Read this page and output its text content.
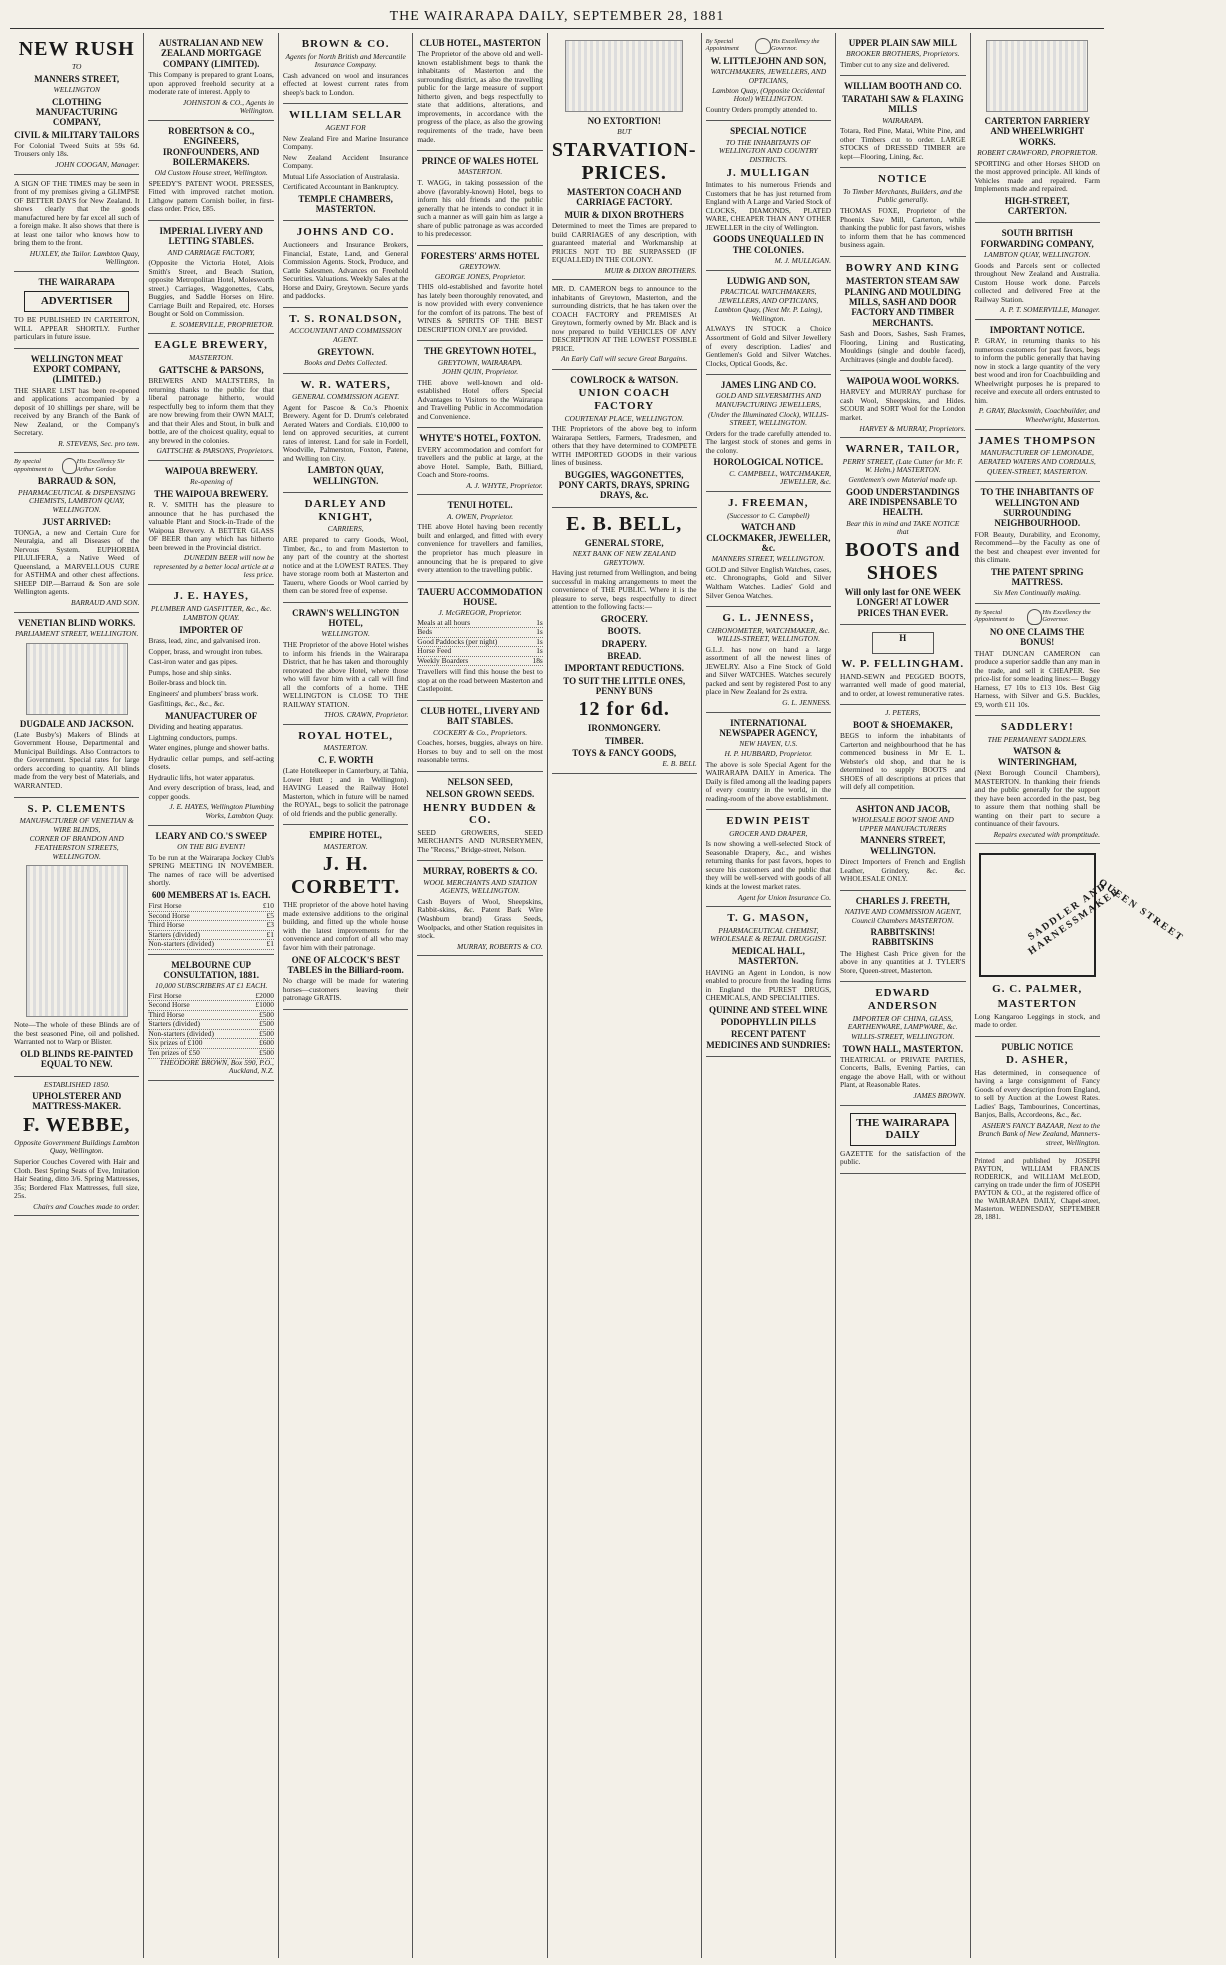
THE WAIRARAPA DAILY, SEPTEMBER 28, 1881
NEW RUSH
TO
MANNERS STREET,
WELLINGTON
CLOTHING MANUFACTURING COMPANY,
CIVIL & MILITARY TAILORS

For Colonial Tweed Suits at 59s 6d. Trousers only 18s.

JOHN COOGAN, Manager.

A SIGN OF THE TIMES may be seen in front of my premises giving a GLIMPSE OF BETTER DAYS for New Zealand. It shows clearly that the goods manufactured here by far excel all such of a foreign make. It also shows that there is at least one tailor who knows how to bring them to the front.

HUXLEY, the Tailor. Lambton Quay, Wellington.
THE WAIRARAPA
ADVERTISER

TO BE PUBLISHED IN CARTERTON, WILL APPEAR SHORTLY. Further particulars in future issue.

WELLINGTON MEAT EXPORT COMPANY, (LIMITED.)

THE SHARE LIST has been re-opened and applications accompanied by a deposit of 10 shillings per share, will be received by any Branch of the Bank of New Zealand, or the Company's Secretary.

R. STEVENS, Sec. pro tem.
By special appointment to
His Excellency Sir Arthur Gordon
BARRAUD & SON,
PHARMACEUTICAL & DISPENSING CHEMISTS, LAMBTON QUAY, WELLINGTON.
JUST ARRIVED:

TONGA, a new and Certain Cure for Neuralgia, and all Diseases of the Nervous System. EUPHORBIA PILULIFERA, a Native Weed of Queensland, a MARVELLOUS CURE for ASTHMA and other chest affections. SHEEP DIP.—Barraud & Son are sole Wellington agents.

BARRAUD AND SON.
VENETIAN BLIND WORKS.
PARLIAMENT STREET, WELLINGTON.
DUGDALE AND JACKSON.

(Late Busby's) Makers of Blinds at Government House, Departmental and Municipal Buildings. Also Contractors to the Government. Special rates for large orders according to quantity. All blinds made from the very best of Materials, and WARRANTED.

S. P. CLEMENTS
MANUFACTURER OF VENETIAN & WIRE BLINDS,
CORNER OF BRANDON AND FEATHERSTON STREETS, WELLINGTON.

Note—The whole of these Blinds are of the best seasoned Pine, oil and polished. Warranted not to Warp or Blister.

OLD BLINDS RE-PAINTED EQUAL TO NEW.
ESTABLISHED 1850.
UPHOLSTERER AND MATTRESS-MAKER.
F. WEBBE,
Opposite Government Buildings Lambton Quay, Wellington.

Superior Couches Covered with Hair and Cloth. Best Spring Seats of Eve, Imitation Hair Seating, ditto 3/6. Spring Mattresses, 35s; Bordered Flax Mattresses, full size, 25s.

Chairs and Couches made to order.
AUSTRALIAN AND NEW ZEALAND MORTGAGE COMPANY (LIMITED).

This Company is prepared to grant Loans, upon approved freehold security at a moderate rate of interest. Apply to

JOHNSTON & CO., Agents in Wellington.
ROBERTSON & CO., ENGINEERS, IRONFOUNDERS, AND BOILERMAKERS.
Old Custom House street, Wellington.

SPEEDY'S PATENT WOOL PRESSES, Fitted with improved ratchet motion. Lithgow pattern Cornish boiler, in first-class order. Price, £85.

IMPERIAL LIVERY AND LETTING STABLES.
AND CARRIAGE FACTORY,

(Opposite the Victoria Hotel, Alois Smith's Street, and Beach Station, opposite Metropolitan Hotel, Molesworth street.) Carriages, Waggonettes, Cabs, Buggies, and Saddle Horses on Hire. Carriage Built and Repaired, etc. Horses Bought or Sold on Commission.

E. SOMERVILLE, PROPRIETOR.
EAGLE BREWERY,
MASTERTON.
GATTSCHE & PARSONS,

BREWERS AND MALTSTERS, In returning thanks to the public for that liberal patronage hitherto, would respectfully beg to inform them that they are now brewing from their OWN MALT, and that their Ales and Stout, in bulk and bottle, are of the choicest quality, equal to any brewed in the colonies.

GATTSCHE & PARSONS, Proprietors.
WAIPOUA BREWERY.
Re-opening of
THE WAIPOUA BREWERY.

R. V. SMITH has the pleasure to announce that he has purchased the valuable Plant and Stock-in-Trade of the Waipoua Brewery. A BETTER GLASS OF BEER than any which has hitherto been brewed in the Provincial district.

DUNEDIN BEER will now be represented by a better local article at a less price.
J. E. HAYES,
PLUMBER AND GASFITTER, &c., &c.
LAMBTON QUAY.
IMPORTER OF

Brass, lead, zinc, and galvanised iron.

Copper, brass, and wrought iron tubes.

Cast-iron water and gas pipes.

Pumps, hose and ship sinks.

Boiler-brass and block tin.

Engineers' and plumbers' brass work.

Gasfittings, &c., &c., &c.

MANUFACTURER OF

Dividing and heating apparatus.

Lightning conductors, pumps.

Water engines, plunge and shower baths.

Hydraulic cellar pumps, and self-acting closets.

Hydraulic lifts, hot water apparatus.

And every description of brass, lead, and copper goods.

J. E. HAYES, Wellington Plumbing Works, Lambton Quay.
LEARY AND CO.'S SWEEP
ON THE BIG EVENT!

To be run at the Wairarapa Jockey Club's SPRING MEETING IN NOVEMBER. The names of race will be advertised shortly.

600 MEMBERS AT 1s. EACH.
First Horse	£10
Second Horse	£5
Third Horse	£3
Starters (divided)	£1
Non-starters (divided)	£1
MELBOURNE CUP CONSULTATION, 1881.
10,000 SUBSCRIBERS AT £1 EACH.
First Horse	£2000
Second Horse	£1000
Third Horse	£500
Starters (divided)	£500
Non-starters (divided)	£500
Six prizes of £100	£600
Ten prizes of £50	£500
THEODORE BROWN, Box 590, P.O., Auckland, N.Z.
BROWN & CO.
Agents for North British and Mercantile Insurance Company.

Cash advanced on wool and insurances effected at lowest current rates from sheep's back to London.

WILLIAM SELLAR
AGENT FOR

New Zealand Fire and Marine Insurance Company.

New Zealand Accident Insurance Company.

Mutual Life Association of Australasia.

Certificated Accountant in Bankruptcy.

TEMPLE CHAMBERS, MASTERTON.
JOHNS AND CO.

Auctioneers and Insurance Brokers, Financial, Estate, Land, and General Commission Agents. Stock, Produce, and Cattle Salesmen. Advances on Freehold Securities. Valuations. Weekly Sales at the Horse and Dairy, Greytown. Secure yards and paddocks.

T. S. RONALDSON,
ACCOUNTANT AND COMMISSION AGENT.
GREYTOWN.
Books and Debts Collected.
W. R. WATERS,
GENERAL COMMISSION AGENT.

Agent for Pascoe & Co.'s Phoenix Brewery. Agent for D. Drum's celebrated Aerated Waters and Cordials. £10,000 to lend on approved securities, at current rates of interest. Land for sale in Fordell, Woodville, Palmerston, Foxton, Patene, and Welling ton City.

LAMBTON QUAY, WELLINGTON.
DARLEY AND KNIGHT,
CARRIERS,

ARE prepared to carry Goods, Wool, Timber, &c., to and from Masterton to any part of the country at the shortest notice and at the LOWEST RATES. They have storage room both at Masterton and Taueru, where Goods or Wool carried by them can be stored free of expense.

CRAWN'S WELLINGTON HOTEL,
WELLINGTON.

THE Proprietor of the above Hotel wishes to inform his friends in the Wairarapa District, that he has taken and thoroughly renovated the above Hotel, where those who will favor him with a call will find all the comforts of a home. THE WELLINGTON is CLOSE TO THE RAILWAY STATION.

THOS. CRAWN, Proprietor.
ROYAL HOTEL,
MASTERTON.
C. F. WORTH

(Late Hotelkeeper in Canterbury, at Tahia, Lower Hutt ; and in Wellington). HAVING Leased the Railway Hotel Masterton, which in future will be named the ROYAL, begs to solicit the patronage of old friends and the public generally.

EMPIRE HOTEL,
MASTERTON.
J. H. CORBETT.

THE proprietor of the above hotel having made extensive additions to the original building, and fitted up the whole house with the latest improvements for the convenience and comfort of all who may favor him with their patronage.

ONE OF ALCOCK'S BEST TABLES in the Billiard-room.

No charge will be made for watering horses—customers leaving their patronage GRATIS.

CLUB HOTEL, MASTERTON

The Proprietor of the above old and well-known establishment begs to thank the inhabitants of Masterton and the surrounding district, as also the travelling public for the large measure of support hitherto given, and begs respectfully to state that additions, alterations, and improvements, in accordance with the progress of the place, as also the growing requirements of the trade, have been made.

PRINCE OF WALES HOTEL
MASTERTON.

T. WAGG, in taking possession of the above (favorably-known) Hotel, begs to inform his old friends and the public generally that he intends to conduct it in such a manner as will gain him as large a share of public patronage as was accorded to his predecessor.

FORESTERS' ARMS HOTEL
GREYTOWN.
GEORGE JONES, Proprietor.

THIS old-established and favorite hotel has lately been thoroughly renovated, and is now provided with every convenience for the comfort of its patrons. The best of WINES & SPIRITS OF THE BEST DESCRIPTION ONLY are provided.

THE GREYTOWN HOTEL,
GREYTOWN, WAIRARAPA.
JOHN QUIN, Proprietor.

THE above well-known and old-established Hotel offers Special Advantages to Visitors to the Wairarapa and Travelling Public in Accommodation and Convenience.

WHYTE'S HOTEL, FOXTON.

EVERY accommodation and comfort for travellers and the public at large, at the above Hotel. Sample, Bath, Billiard, Coach and Store-rooms.

A. J. WHYTE, Proprietor.
TENUI HOTEL.
A. OWEN, Proprietor.

THE above Hotel having been recently built and enlarged, and fitted with every convenience for travellers and families, the proprietor has much pleasure in announcing that he is prepared to give every attention to the travelling public.

TAUERU ACCOMMODATION HOUSE.
J. McGREGOR, Proprietor.
Meals at all hours	1s
Beds	1s
Good Paddocks (per night)	1s
Horse Feed	1s
Weekly Boarders	18s

Travellers will find this house the best to stop at on the road between Masterton and Castlepoint.

CLUB HOTEL, LIVERY AND BAIT STABLES.
COCKERY & Co., Proprietors.

Coaches, horses, buggies, always on hire. Horses to buy and to sell on the most reasonable terms.

NELSON SEED,
NELSON GROWN SEEDS.
HENRY BUDDEN & CO.

SEED GROWERS, SEED MERCHANTS AND NURSERYMEN, The "Recess," Bridge-street, Nelson.

MURRAY, ROBERTS & CO.
WOOL MERCHANTS AND STATION AGENTS, WELLINGTON.

Cash Buyers of Wool, Sheepskins, Rabbit-skins, &c. Patent Bark Wire (Washburn brand) Grass Seeds, Woolpacks, and other Station requisites in stock.

MURRAY, ROBERTS & CO.
NO EXTORTION!
BUT
STARVATION-PRICES.
MASTERTON COACH AND CARRIAGE FACTORY.
MUIR & DIXON BROTHERS

Determined to meet the Times are prepared to build CARRIAGES of any description, with guaranteed material and Workmanship at PRICES NOT TO BE SURPASSED (IF EQUALLED) IN THE COLONY.

MUIR & DIXON BROTHERS.

MR. D. CAMERON begs to announce to the inhabitants of Greytown, Masterton, and the surrounding districts, that he has taken over the COACH FACTORY and PREMISES At Greytown, formerly owned by Mr. Black and is now prepared to build VEHICLES OF ANY DESCRIPTION AT THE LOWEST POSSIBLE PRICE.

An Early Call will secure Great Bargains.
COWLROCK & WATSON.
UNION COACH FACTORY
COURTENAY PLACE, WELLINGTON.

THE Proprietors of the above beg to inform Wairarapa Settlers, Farmers, Tradesmen, and others that they have determined to COMPETE WITH IMPORTED GOODS in their various lines of business.

BUGGIES, WAGGONETTES, PONY CARTS, DRAYS, SPRING DRAYS, &c.
E. B. BELL,
GENERAL STORE,
NEXT BANK OF NEW ZEALAND GREYTOWN.

Having just returned from Wellington, and being successful in making arrangements to meet the convenience of THE PUBLIC. Where it is the pleasure to serve, begs respectfully to direct attention to the following facts:—

GROCERY.
BOOTS.
DRAPERY.
BREAD.
IMPORTANT REDUCTIONS.
TO SUIT THE LITTLE ONES, PENNY BUNS
12 for 6d.
IRONMONGERY.
TIMBER.
TOYS & FANCY GOODS,
E. B. BELL
By Special Appointment
His Excellency the Governor.
W. LITTLEJOHN AND SON,
WATCHMAKERS, JEWELLERS, AND OPTICIANS,
Lambton Quay, (Opposite Occidental Hotel) WELLINGTON.

Country Orders promptly attended to.

SPECIAL NOTICE
TO THE INHABITANTS OF WELLINGTON AND COUNTRY DISTRICTS.
J. MULLIGAN

Intimates to his numerous Friends and Customers that he has just returned from England with A Large and Varied Stock of CLOCKS, DIAMONDS, PLATED WARE, CHEAPER THAN ANY OTHER JEWELLER in the city of Wellington.

GOODS UNEQUALLED IN THE COLONIES.
M. J. MULLIGAN.
LUDWIG AND SON,
PRACTICAL WATCHMAKERS, JEWELLERS, AND OPTICIANS,
Lambton Quay, (Next Mr. P. Laing), Wellington.

ALWAYS IN STOCK a Choice Assortment of Gold and Silver Jewellery of every description. Ladies' and Gentlemen's Gold and Silver Watches. Clocks, Optical Goods, &c.

JAMES LING AND CO.
GOLD AND SILVERSMITHS AND MANUFACTURING JEWELLERS,
(Under the Illuminated Clock), WILLIS-STREET, WELLINGTON.

Orders for the trade carefully attended to. The largest stock of stones and gems in the colony.

HOROLOGICAL NOTICE.
C. CAMPBELL, WATCHMAKER, JEWELLER, &c.
J. FREEMAN,
(Successor to C. Campbell)
WATCH AND CLOCKMAKER, JEWELLER, &c.
MANNERS STREET, WELLINGTON.

GOLD and Silver English Watches, cases, etc. Chronographs, Gold and Silver Waltham Watches. Ladies' Gold and Silver Genoa Watches.

G. L. JENNESS,
CHRONOMETER, WATCHMAKER, &c. WILLIS-STREET, WELLINGTON.

G.L.J. has now on hand a large assortment of all the newest lines of JEWELRY. Also a Fine Stock of Gold and Silver WATCHES. Watches securely packed and sent by registered Post to any place in New Zealand for 2s extra.

G. L. JENNESS.
INTERNATIONAL NEWSPAPER AGENCY,
NEW HAVEN, U.S.
H. P. HUBBARD, Proprietor.

The above is sole Special Agent for the WAIRARAPA DAILY in America. The Daily is filed among all the leading papers of every country in the world, in the reading-room of the above establishment.

EDWIN PEIST
GROCER AND DRAPER,

Is now showing a well-selected Stock of Seasonable Drapery, &c., and wishes returning thanks for past favors, hopes to secure his customers and the public that they will be well-served with goods of all kinds at the lowest market rates.

Agent for Union Insurance Co.
T. G. MASON,
PHARMACEUTICAL CHEMIST, WHOLESALE & RETAIL DRUGGIST.
MEDICAL HALL, MASTERTON.

HAVING an Agent in London, is now enabled to procure from the leading firms in England the PUREST DRUGS, CHEMICALS, AND SPECIALITIES.

QUININE AND STEEL WINE
PODOPHYLLIN PILLS
RECENT PATENT MEDICINES AND SUNDRIES:
UPPER PLAIN SAW MILL
BROOKER BROTHERS, Proprietors.

Timber cut to any size and delivered.

WILLIAM BOOTH AND CO.
TARATAHI SAW & FLAXING MILLS
WAIRARAPA.

Totara, Red Pine, Matai, White Pine, and other Timbers cut to order. LARGE STOCKS of DRESSED TIMBER are kept—Flooring, Lining, &c.

NOTICE
To Timber Merchants, Builders, and the Public generally.

THOMAS FOXE, Proprietor of the Phoenix Saw Mill, Carterton, while thanking the public for past favors, wishes to inform them that he has commenced business again.

BOWRY AND KING
MASTERTON STEAM SAW PLANING AND MOULDING MILLS, SASH AND DOOR FACTORY AND TIMBER MERCHANTS.

Sash and Doors, Sashes, Sash Frames, Flooring, Lining and Rusticating, Mouldings (single and double faced), Architraves (single and double faced).

WAIPOUA WOOL WORKS.

HARVEY and MURRAY purchase for cash Wool, Sheepskins, and Hides. SCOUR and SORT Wool for the London market.

HARVEY & MURRAY, Proprietors.
WARNER, TAILOR,
PERRY STREET, (Late Cutter for Mr. F. W. Helm.) MASTERTON.
Gentlemen's own Material made up.
GOOD UNDERSTANDINGS ARE INDISPENSABLE TO HEALTH.
Bear this in mind and TAKE NOTICE that
BOOTS and SHOES
Will only last for ONE WEEK LONGER! AT LOWER PRICES THAN EVER.
H
W. P. FELLINGHAM.

HAND-SEWN and PEGGED BOOTS, warranted well made of good material, and to order, at lowest remunerative rates.

J. PETERS,
BOOT & SHOEMAKER,

BEGS to inform the inhabitants of Carterton and neighbourhood that he has commenced business in Mr E. L. Webster's old shop, and that he is determined to supply BOOTS and SHOES of all descriptions at prices that will defy all competition.

ASHTON AND JACOB,
WHOLESALE BOOT SHOE AND UPPER MANUFACTURERS
MANNERS STREET, WELLINGTON.

Direct Importers of French and English Leather, Grindery, &c. &c. WHOLESALE ONLY.

CHARLES J. FREETH,
NATIVE AND COMMISSION AGENT, Council Chambers MASTERTON.
RABBITSKINS! RABBITSKINS

The Highest Cash Price given for the above in any quantities at J. TYLER'S Store, Queen-street, Masterton.

EDWARD ANDERSON
IMPORTER OF CHINA, GLASS, EARTHENWARE, LAMPWARE, &c.
WILLIS-STREET, WELLINGTON.
TOWN HALL, MASTERTON.

THEATRICAL or PRIVATE PARTIES, Concerts, Balls, Evening Parties, can engage the above Hall, with or without Plant, at Reasonable Rates.

JAMES BROWN.
THE WAIRARAPA DAILY

GAZETTE for the satisfaction of the public.

CARTERTON FARRIERY AND WHEELWRIGHT WORKS.
ROBERT CRAWFORD, PROPRIETOR.

SPORTING and other Horses SHOD on the most approved principle. All kinds of Vehicles made and repaired. Farm Implements made and repaired.

HIGH-STREET, CARTERTON.
SOUTH BRITISH FORWARDING COMPANY,
LAMBTON QUAY, WELLINGTON.

Goods and Parcels sent or collected throughout New Zealand and Australia. Custom House work done. Parcels collected and delivered Free at the Railway Station.

A. P. T. SOMERVILLE, Manager.
IMPORTANT NOTICE.

P. GRAY, in returning thanks to his numerous customers for past favors, begs to inform the public generally that having now in stock a large quantity of the very best wood and iron for Coachbuilding and Wheelwright purposes he is prepared to receive and execute all orders entrusted to him.

P. GRAY, Blacksmith, Coachbuilder, and Wheelwright, Masterton.
JAMES THOMPSON
MANUFACTURER OF LEMONADE, AERATED WATERS AND CORDIALS,
QUEEN-STREET, MASTERTON.
TO THE INHABITANTS OF WELLINGTON AND SURROUNDING NEIGHBOURHOOD.

FOR Beauty, Durability, and Economy, Recommend—by the Faculty as one of the best and cheapest ever invented for this climate.

THE PATENT SPRING MATTRESS.
Six Men Continually making.
By Special Appointment to
His Excellency the Governor.
NO ONE CLAIMS THE BONUS!

THAT DUNCAN CAMERON can produce a superior saddle than any man in the trade, and sell it CHEAPER. See price-list for some leading lines:— Buggy Harness, £7 10s to £13 10s. Best Gig Harness, with Silver and G.S. Buckles, £9, worth £11 10s.

SADDLERY!
THE PERMANENT SADDLERS.
WATSON & WINTERINGHAM,

(Next Borough Council Chambers), MASTERTON. In thanking their friends and the public generally for the support they have been accorded in the past, beg to assure them that nothing shall be wanting on their part to secure a continuance of their favours.

Repairs executed with promptitude.
SADDLER AND HARNESSMAKER
QUEEN STREET
G. C. PALMER,
MASTERTON

Long Kangaroo Leggings in stock, and made to order.

PUBLIC NOTICE
D. ASHER,

Has determined, in consequence of having a large consignment of Fancy Goods of every description from England, to sell by Auction at the Lowest Rates. Ladies' Bags, Tambourines, Concertinas, Banjos, Balls, Accordeons, &c., &c.

ASHER'S FANCY BAZAAR, Next to the Branch Bank of New Zealand, Manners-street, Wellington.
Printed and published by JOSEPH PAYTON, WILLIAM FRANCIS RODERICK, and WILLIAM McLEOD, carrying on trade under the firm of JOSEPH PAYTON & CO., at the registered office of the WAIRARAPA DAILY, Chapel-street, Masterton. WEDNESDAY, SEPTEMBER 28, 1881.
